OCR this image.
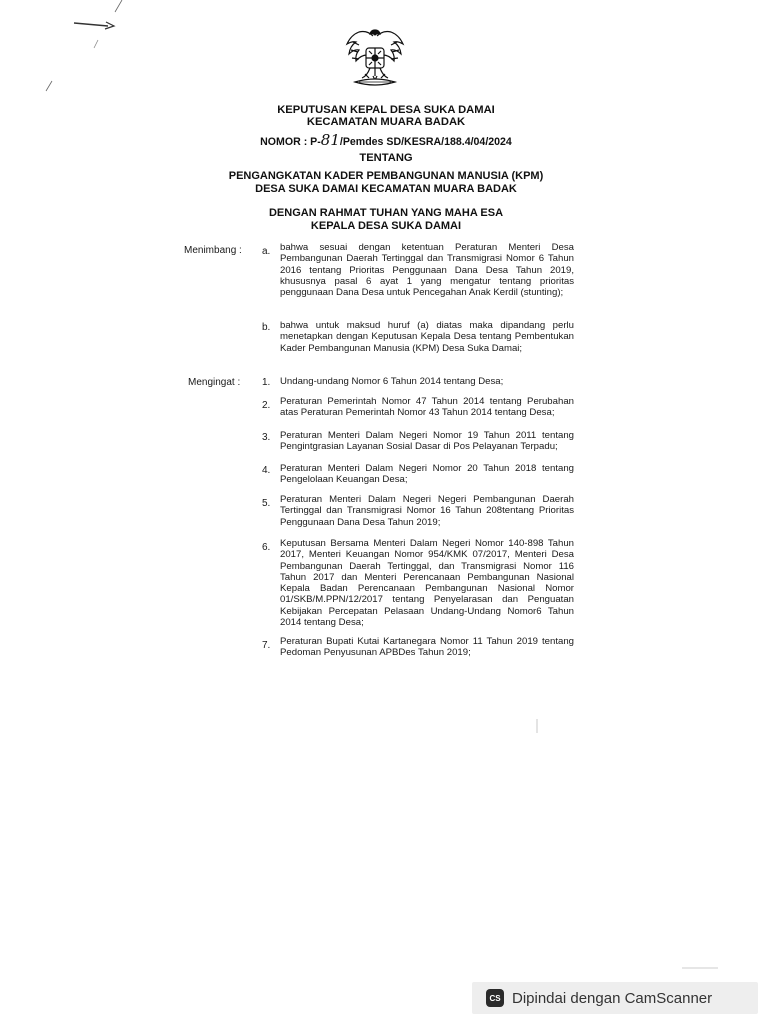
KEPUTUSAN KEPAL DESA SUKA DAMAI
KECAMATAN MUARA BADAK
NOMOR : P-81/Pemdes SD/KESRA/188.4/04/2024
TENTANG
PENGANGKATAN KADER PEMBANGUNAN MANUSIA (KPM)
DESA SUKA DAMAI KECAMATAN MUARA BADAK
DENGAN RAHMAT TUHAN YANG MAHA ESA
KEPALA DESA SUKA DAMAI
Menimbang : a. bahwa sesuai dengan ketentuan Peraturan Menteri Desa Pembangunan Daerah Tertinggal dan Transmigrasi Nomor 6 Tahun 2016 tentang Prioritas Penggunaan Dana Desa Tahun 2019, khususnya pasal 6 ayat 1 yang mengatur tentang prioritas penggunaan Dana Desa untuk Pencegahan Anak Kerdil (stunting);
b. bahwa untuk maksud huruf (a) diatas maka dipandang perlu menetapkan dengan Keputusan Kepala Desa tentang Pembentukan Kader Pembangunan Manusia (KPM) Desa Suka Damai;
Mengingat : 1. Undang-undang Nomor 6 Tahun 2014 tentang Desa;
2. Peraturan Pemerintah Nomor 47 Tahun 2014 tentang Perubahan atas Peraturan Pemerintah Nomor 43 Tahun 2014 tentang Desa;
3. Peraturan Menteri Dalam Negeri Nomor 19 Tahun 2011 tentang Pengintgrasian Layanan Sosial Dasar di Pos Pelayanan Terpadu;
4. Peraturan Menteri Dalam Negeri Nomor 20 Tahun 2018 tentang Pengelolaan Keuangan Desa;
5. Peraturan Menteri Dalam Negeri Negeri Pembangunan Daerah Tertinggal dan Transmigrasi Nomor 16 Tahun 208tentang Prioritas Penggunaan Dana Desa Tahun 2019;
6. Keputusan Bersama Menteri Dalam Negeri Nomor 140-898 Tahun 2017, Menteri Keuangan Nomor 954/KMK 07/2017, Menteri Desa Pembangunan Daerah Tertinggal, dan Transmigrasi Nomor 116 Tahun 2017 dan Menteri Perencanaan Pembangunan Nasional Kepala Badan Perencanaan Pembangunan Nasional Nomor 01/SKB/M.PPN/12/2017 tentang Penyelarasan dan Penguatan Kebijakan Percepatan Pelasaan Undang-Undang Nomor6 Tahun 2014 tentang Desa;
7. Peraturan Bupati Kutai Kartanegara Nomor 11 Tahun 2019 tentang Pedoman Penyusunan APBDes Tahun 2019;
CS Dipindai dengan CamScanner
